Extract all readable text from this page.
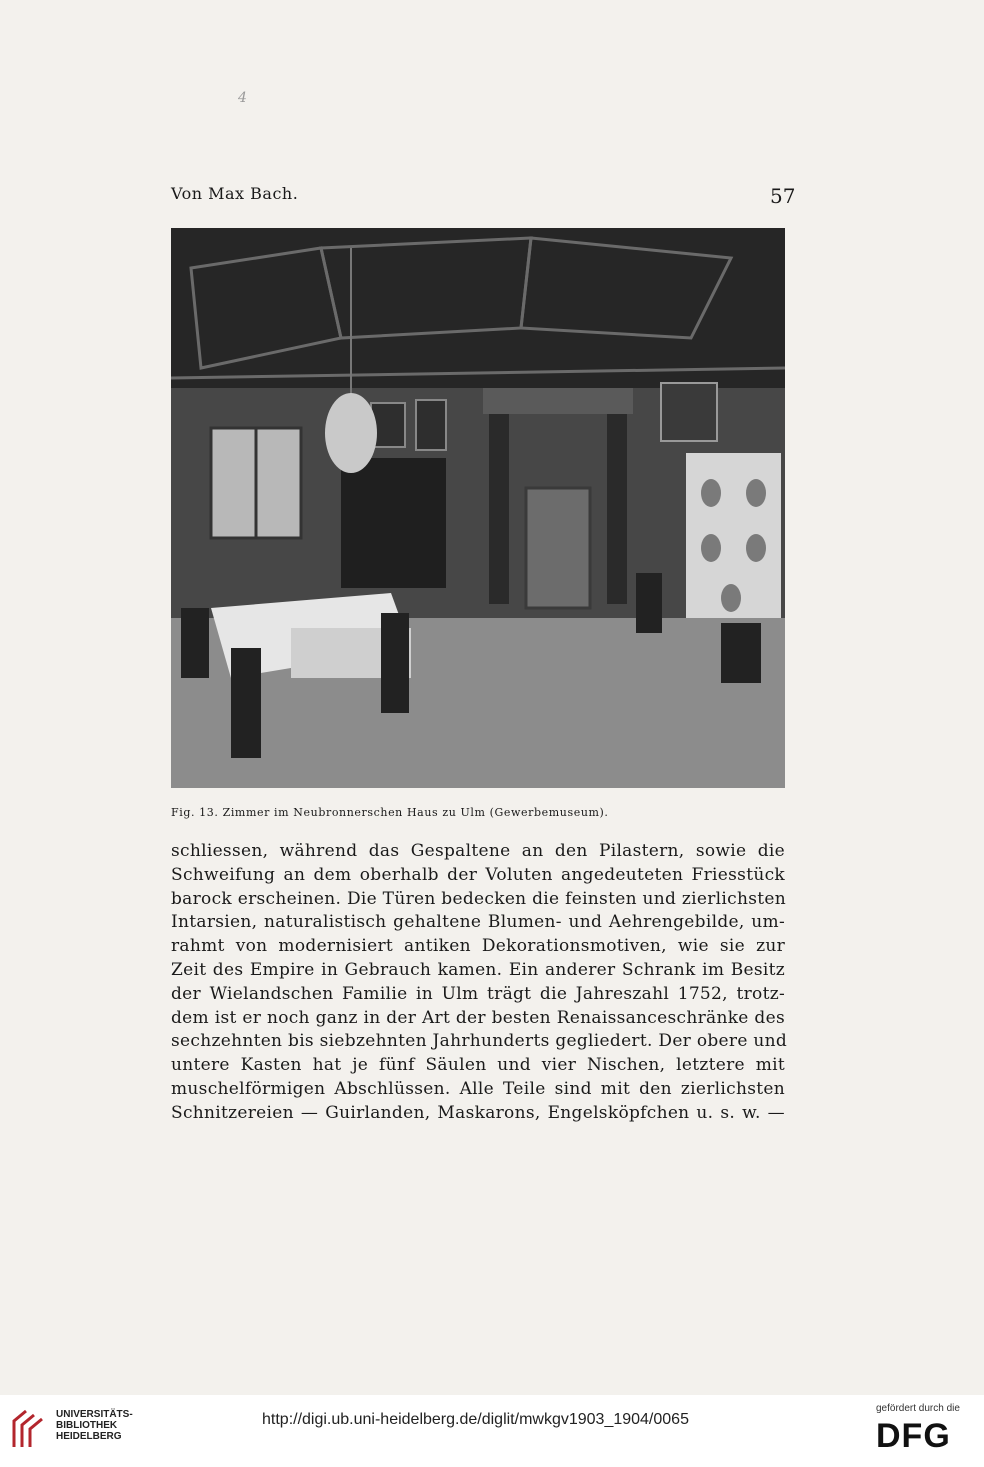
4
Von Max Bach.	57
Fig. 13. Zimmer im Neubronnerschen Haus zu Ulm (Gewerbemuseum).
schliessen, während das Gespaltene an den Pilastern, sowie die
Schweifung an dem oberhalb der Voluten angedeuteten Friesstück
barock erscheinen. Die Türen bedecken die feinsten und zierlichsten
Intarsien, naturalistisch gehaltene Blumen- und Aehrengebilde, um-
rahmt von modernisiert antiken Dekorationsmotiven, wie sie zur
Zeit des Empire in Gebrauch kamen. Ein anderer Schrank im Besitz
der Wielandschen Familie in Ulm trägt die Jahreszahl 1752, trotz-
dem ist er noch ganz in der Art der besten Renaissanceschränke des
sechzehnten bis siebzehnten Jahrhunderts gegliedert. Der obere und
untere Kasten hat je fünf Säulen und vier Nischen, letztere mit
muschelförmigen Abschlüssen. Alle Teile sind mit den zierlichsten
Schnitzereien — Guirlanden, Maskarons, Engelsköpfchen u. s. w. —
UNIVERSITÄTS-
BIBLIOTHEK
HEIDELBERG
http://digi.ub.uni-heidelberg.de/diglit/mwkgv1903_1904/0065
gefördert durch die
DFG
